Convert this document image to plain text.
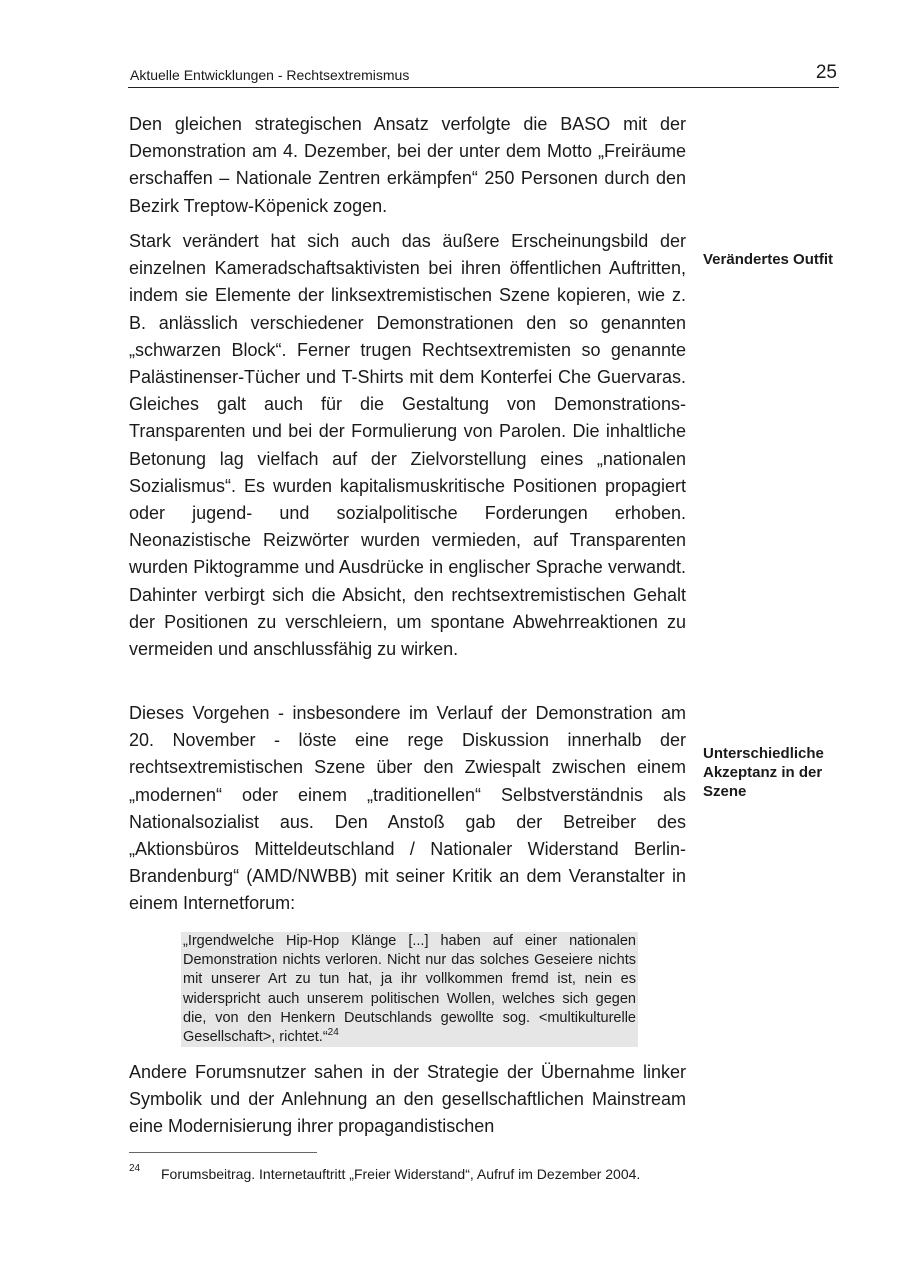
Aktuelle Entwicklungen - Rechtsextremismus	25

Den gleichen strategischen Ansatz verfolgte die BASO mit der Demonstration am 4. Dezember, bei der unter dem Motto „Freiräume erschaffen – Nationale Zentren erkämpfen“ 250 Personen durch den Bezirk Treptow-Köpenick zogen.

Stark verändert hat sich auch das äußere Erscheinungsbild der einzelnen Kameradschaftsaktivisten bei ihren öffentlichen Auftritten, indem sie Elemente der linksextremistischen Szene kopieren, wie z. B. anlässlich verschiedener Demonstrationen den so genannten „schwarzen Block“. Ferner trugen Rechtsextremisten so genannte Palästinenser-Tücher und T-Shirts mit dem Konterfei Che Guervaras. Gleiches galt auch für die Gestaltung von Demonstrations-Transparenten und bei der Formulierung von Parolen. Die inhaltliche Betonung lag vielfach auf der Zielvorstellung eines „nationalen Sozialismus“. Es wurden kapitalismuskritische Positionen propagiert oder jugend- und sozialpolitische Forderungen erhoben. Neonazistische Reizwörter wurden vermieden, auf Transparenten wurden Piktogramme und Ausdrücke in englischer Sprache verwandt. Dahinter verbirgt sich die Absicht, den rechtsextremistischen Gehalt der Positionen zu verschleiern, um spontane Abwehrreaktionen zu vermeiden und anschlussfähig zu wirken.

Dieses Vorgehen - insbesondere im Verlauf der Demonstration am 20. November - löste eine rege Diskussion innerhalb der rechtsextremistischen Szene über den Zwiespalt zwischen einem „modernen“ oder einem „traditionellen“ Selbstverständnis als Nationalsozialist aus. Den Anstoß gab der Betreiber des „Aktionsbüros Mitteldeutschland / Nationaler Widerstand Berlin-Brandenburg“ (AMD/NWBB) mit seiner Kritik an dem Veranstalter in einem Internetforum:

„Irgendwelche Hip-Hop Klänge [...] haben auf einer nationalen Demonstration nichts verloren. Nicht nur das solches Geseiere nichts mit unserer Art zu tun hat, ja ihr vollkommen fremd ist, nein es widerspricht auch unserem politischen Wollen, welches sich gegen die, von den Henkern Deutschlands gewollte sog. <multikulturelle Gesellschaft>, richtet.“$^{24}$

Andere Forumsnutzer sahen in der Strategie der Übernahme linker Symbolik und der Anlehnung an den gesellschaftlichen Mainstream eine Modernisierung ihrer propagandistischen

Verändertes Outfit
Unterschiedliche Akzeptanz in der Szene
24 Forumsbeitrag. Internetauftritt „Freier Widerstand“, Aufruf im Dezember 2004.
